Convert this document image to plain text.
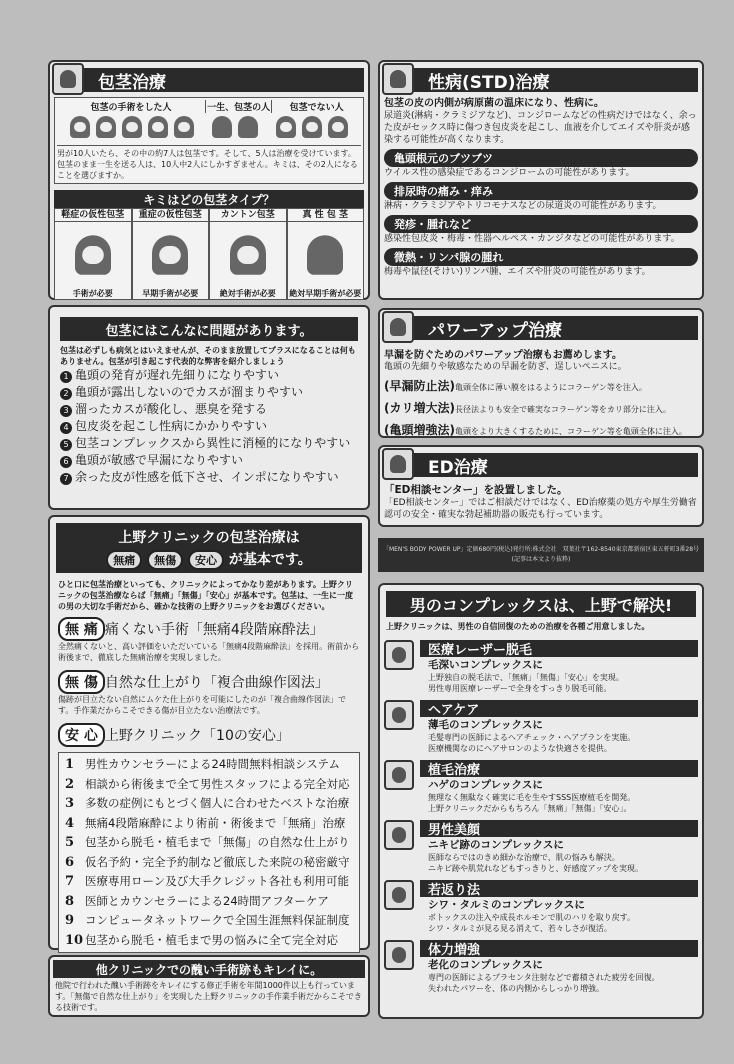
包茎治療
包茎の手術をした人	一生、包茎の人	包茎でない人

男が10人いたら、その中の約7人は包茎です。そして、5人は治療を受けています。包茎のまま一生を送る人は、10人中2人にしかすぎません。キミは、その2人になることを選びますか。

キミはどの包茎タイプ？
軽症の仮性包茎
手術が必要
重症の仮性包茎
早期手術が必要
カントン包茎
絶対手術が必要
真 性 包 茎
絶対早期手術が必要
包茎にはこんなに問題があります。

包茎は必ずしも病気とはいえませんが、そのまま放置してプラスになることは何もありません。包茎が引き起こす代表的な弊害を紹介しましょう

1 亀頭の発育が遅れ先細りになりやすい
2 亀頭が露出しないのでカスが溜まりやすい
3 溜ったカスが酸化し、悪臭を発する
4 包皮炎を起こし性病にかかりやすい
5 包茎コンプレックスから異性に消極的になりやすい
6 亀頭が敏感で早漏になりやすい
7 余った皮が性感を低下させ、インポになりやすい
上野クリニックの包茎治療は
無痛 無傷 安心 が基本です。

ひと口に包茎治療といっても、クリニックによってかなり差があります。上野クリニックの包茎治療ならば「無痛」「無傷」「安心」が基本です。包茎は、一生に一度の男の大切な手術だから、確かな技術の上野クリニックをお選びください。

無 痛 痛くない手術「無痛4段階麻酔法」

全然痛くないと、高い評価をいただいている「無痛4段階麻酔法」を採用。術前から術後まで、徹底した無痛治療を実現しました。

無 傷 自然な仕上がり「複合曲線作図法」

傷跡が目立たない自然にムケた仕上がりを可能にしたのが「複合曲線作図法」です。手作業だからこそできる傷が目立たない治療法です。

安 心 上野クリニック「10の安心」
1 男性カウンセラーによる24時間無料相談システム
2 相談から術後まで全て男性スタッフによる完全対応
3 多数の症例にもとづく個人に合わせたベストな治療
4 無痛4段階麻酔により術前・術後まで「無痛」治療
5 包茎から脱毛・植毛まで「無傷」の自然な仕上がり
6 仮名予約・完全予約制など徹底した来院の秘密厳守
7 医療専用ローン及び大手クレジット各社も利用可能
8 医師とカウンセラーによる24時間アフターケア
9 コンピュータネットワークで全国生涯無料保証制度
10 包茎から脱毛・植毛まで男の悩みに全て完全対応
他クリニックでの醜い手術跡もキレイに。

他院で行われた醜い手術跡をキレイにする修正手術を年間1000件以上も行っています。「無傷で自然な仕上がり」を実現した上野クリニックの手作業手術だからこそできる技術です。

性病(STD)治療

包茎の皮の内側が病原菌の温床になり、性病に。

尿道炎(淋病・クラミジアなど)、コンジロームなどの性病だけではなく、余った皮がセックス時に傷つき包皮炎を起こし、血液を介してエイズや肝炎が感染する可能性が高くなります。

亀頭根元のブツブツ

ウイルス性の感染症であるコンジロームの可能性があります。

排尿時の痛み・痒み

淋病・クラミジアやトリコモナスなどの尿道炎の可能性があります。

発疹・腫れなど

感染性包皮炎・梅毒・性器ヘルペス・カンジタなどの可能性があります。

微熱・リンパ腺の腫れ

梅毒や鼠径(そけい)リンパ腫、エイズや肝炎の可能性があります。

パワーアップ治療

早漏を防ぐためのパワーアップ治療もお薦めします。

亀頭の先細りや敏感なための早漏を防ぎ、逞しいペニスに。

(早漏防止法)亀頭全体に薄い膜をはるようにコラーゲン等を注入。
(カリ増大法)長径法よりも安全で確実なコラーゲン等をカリ部分に注入。
(亀頭増強法)亀頭をより大きくするために、コラーゲン等を亀頭全体に注入。
ED治療

「ED相談センター」を設置しました。

「ED相談センター」ではご相談だけではなく、ED治療薬の処方や厚生労働省認可の安全・確実な勃起補助器の販売も行っています。

「MEN'S BODY POWER UP」定価680円(税込)発行所:株式会社　双葉社〒162-8540東京都新宿区東五軒町3番28号
(記事は本文より抜粋)
男のコンプレックスは、上野で解決!

上野クリニックは、男性の自信回復のための治療を各種ご用意しました。

医療レーザー脱毛

毛深いコンプレックスに

上野独自の脱毛法で、「無痛」「無傷」「安心」を実現。

男性専用医療レーザーで全身をすっきり脱毛可能。

ヘアケア

薄毛のコンプレックスに

毛髪専門の医師によるヘアチェック・ヘアプランを実施。

医療機関なのにヘアサロンのような快適さを提供。

植毛治療

ハゲのコンプレックスに

無理なく無駄なく確実に毛を生やすSSS医療植毛を開発。

上野クリニックだからもちろん「無痛」「無傷」「安心」。

男性美顔

ニキビ跡のコンプレックスに

医師ならではのきめ細かな治療で、肌の悩みも解決。

ニキビ跡や肌荒れなどもすっきりと、好感度アップを実現。

若返り法

シワ・タルミのコンプレックスに

ボトックスの注入や成長ホルモンで肌のハリを取り戻す。

シワ・タルミが見る見る消えて、若々しさが復活。

体力増強

老化のコンプレックスに

専門の医師によるプラセンタ注射などで蓄積された疲労を回復。

失われたパワーを、体の内側からしっかり増強。
